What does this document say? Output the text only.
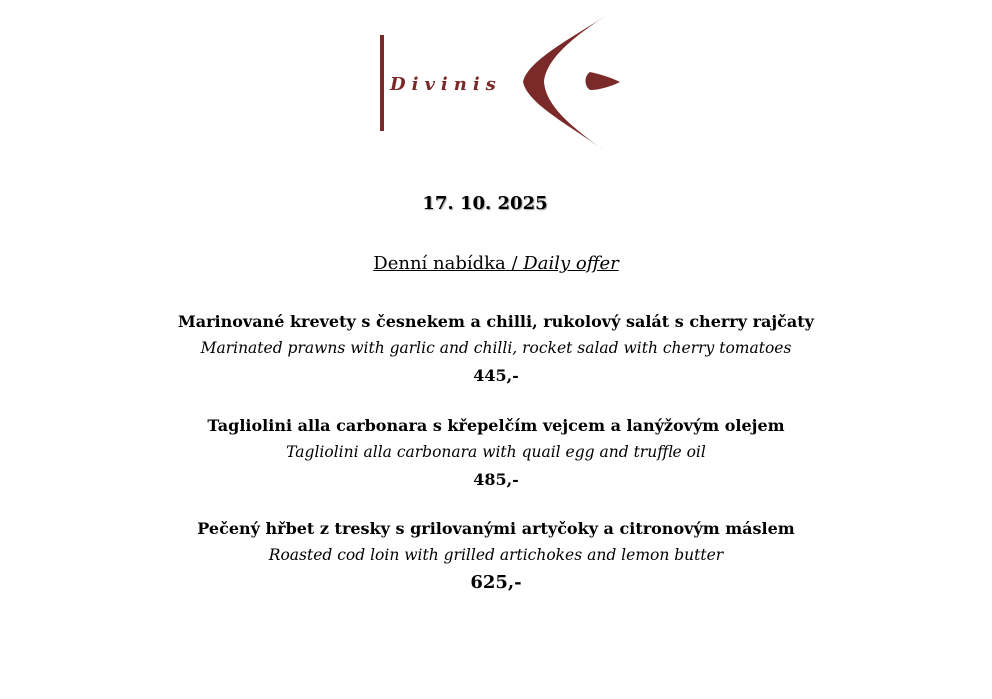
Divinis
17. 10. 2025
Denní nabídka / Daily offer
Marinované krevety s česnekem a chilli, rukolový salát s cherry rajčaty
Marinated prawns with garlic and chilli, rocket salad with cherry tomatoes
445,-
Tagliolini alla carbonara s křepelčím vejcem a lanýžovým olejem
Tagliolini alla carbonara with quail egg and truffle oil
485,-
Pečený hřbet z tresky s grilovanými artyčoky a citronovým máslem
Roasted cod loin with grilled artichokes and lemon butter
625,-
